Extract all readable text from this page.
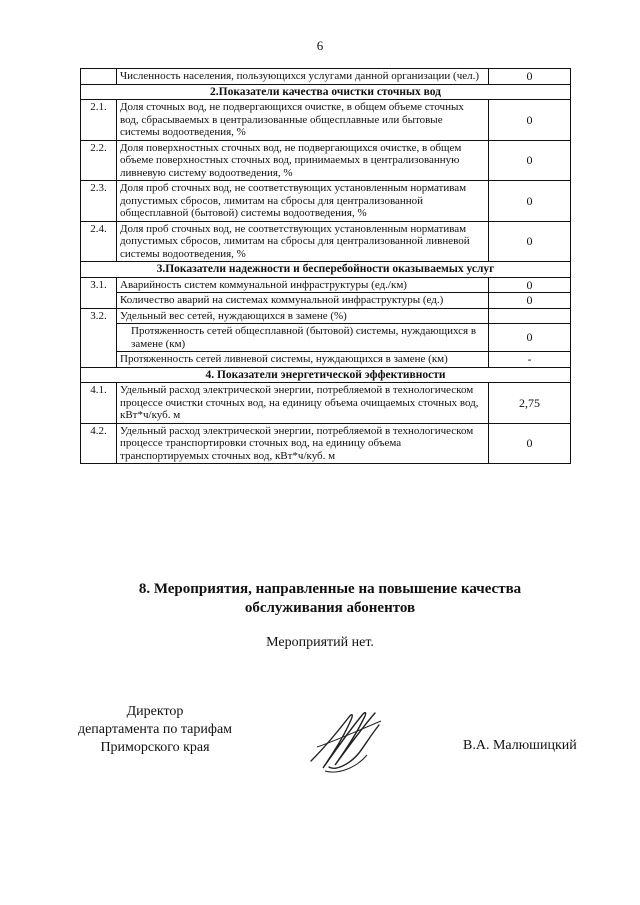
6
	Численность населения, пользующихся услугами данной организации (чел.)	0
2.Показатели качества очистки сточных вод		
2.1.	Доля сточных вод, не подвергающихся очистке, в общем объеме сточных вод, сбрасываемых в централизованные общесплавные или бытовые системы водоотведения, %	0
2.2.	Доля поверхностных сточных вод, не подвергающихся очистке, в общем объеме поверхностных сточных вод, принимаемых в централизованную ливневую систему водоотведения, %	0
2.3.	Доля проб сточных вод, не соответствующих установленным нормативам допустимых сбросов, лимитам на сбросы для централизованной общесплавной (бытовой) системы водоотведения, %	0
2.4.	Доля проб сточных вод, не соответствующих установленным нормативам допустимых сбросов, лимитам на сбросы для централизованной ливневой системы водоотведения, %	0
3.Показатели надежности и бесперебойности оказываемых услуг		
3.1.	Аварийность систем коммунальной инфраструктуры (ед./км)	0
	Количество аварий на системах коммунальной инфраструктуры (ед.)	0
3.2.	Удельный вес сетей, нуждающихся в замене (%)	
	Протяженность сетей общесплавной (бытовой) системы, нуждающихся в замене (км)	0
	Протяженность сетей ливневой системы, нуждающихся в замене (км)	-
4. Показатели энергетической эффективности		
4.1.	Удельный расход электрической энергии, потребляемой в технологическом процессе очистки сточных вод, на единицу объема очищаемых сточных вод, кВт*ч/куб. м	2,75
4.2.	Удельный расход электрической энергии, потребляемой в технологическом процессе транспортировки сточных вод, на единицу объема транспортируемых сточных вод, кВт*ч/куб. м	0
8. Мероприятия, направленные на повышение качества
обслуживания абонентов
Мероприятий нет.
Директор
департамента по тарифам
Приморского края	В.А. Малюшицкий
